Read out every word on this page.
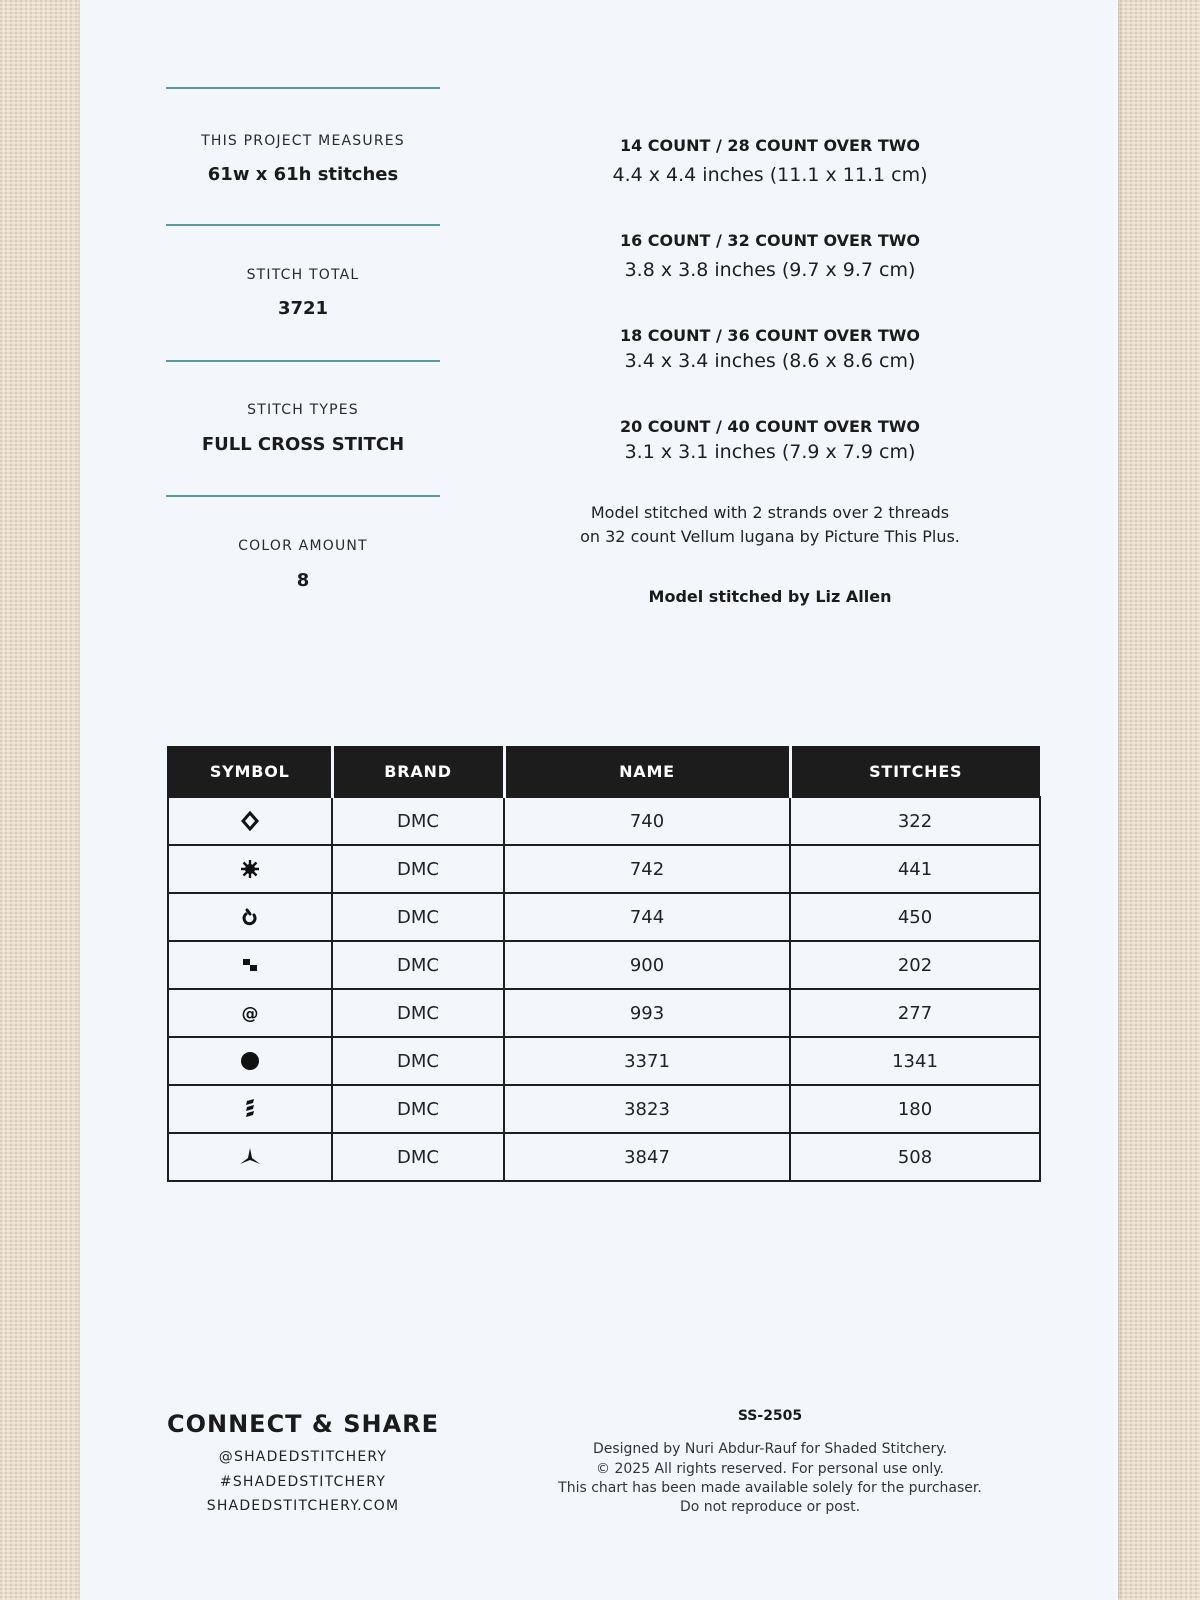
THIS PROJECT MEASURES
61w x 61h stitches
STITCH TOTAL
3721
STITCH TYPES
FULL CROSS STITCH
COLOR AMOUNT
8
14 COUNT / 28 COUNT OVER TWO
4.4 x 4.4 inches (11.1 x 11.1 cm)
16 COUNT / 32 COUNT OVER TWO
3.8 x 3.8 inches (9.7 x 9.7 cm)
18 COUNT / 36 COUNT OVER TWO
3.4 x 3.4 inches (8.6 x 8.6 cm)
20 COUNT / 40 COUNT OVER TWO
3.1 x 3.1 inches (7.9 x 7.9 cm)
Model stitched with 2 strands over 2 threads
on 32 count Vellum lugana by Picture This Plus.
Model stitched by Liz Allen
SYMBOL	BRAND	NAME	STITCHES

	DMC	740	322

	DMC	742	441

	DMC	744	450

	DMC	900	202

@	DMC	993	277

	DMC	3371	1341

	DMC	3823	180

	DMC	3847	508
CONNECT & SHARE
@SHADEDSTITCHERY
#SHADEDSTITCHERY
SHADEDSTITCHERY.COM
SS-2505
Designed by Nuri Abdur-Rauf for Shaded Stitchery.
© 2025 All rights reserved. For personal use only.
This chart has been made available solely for the purchaser.
Do not reproduce or post.
